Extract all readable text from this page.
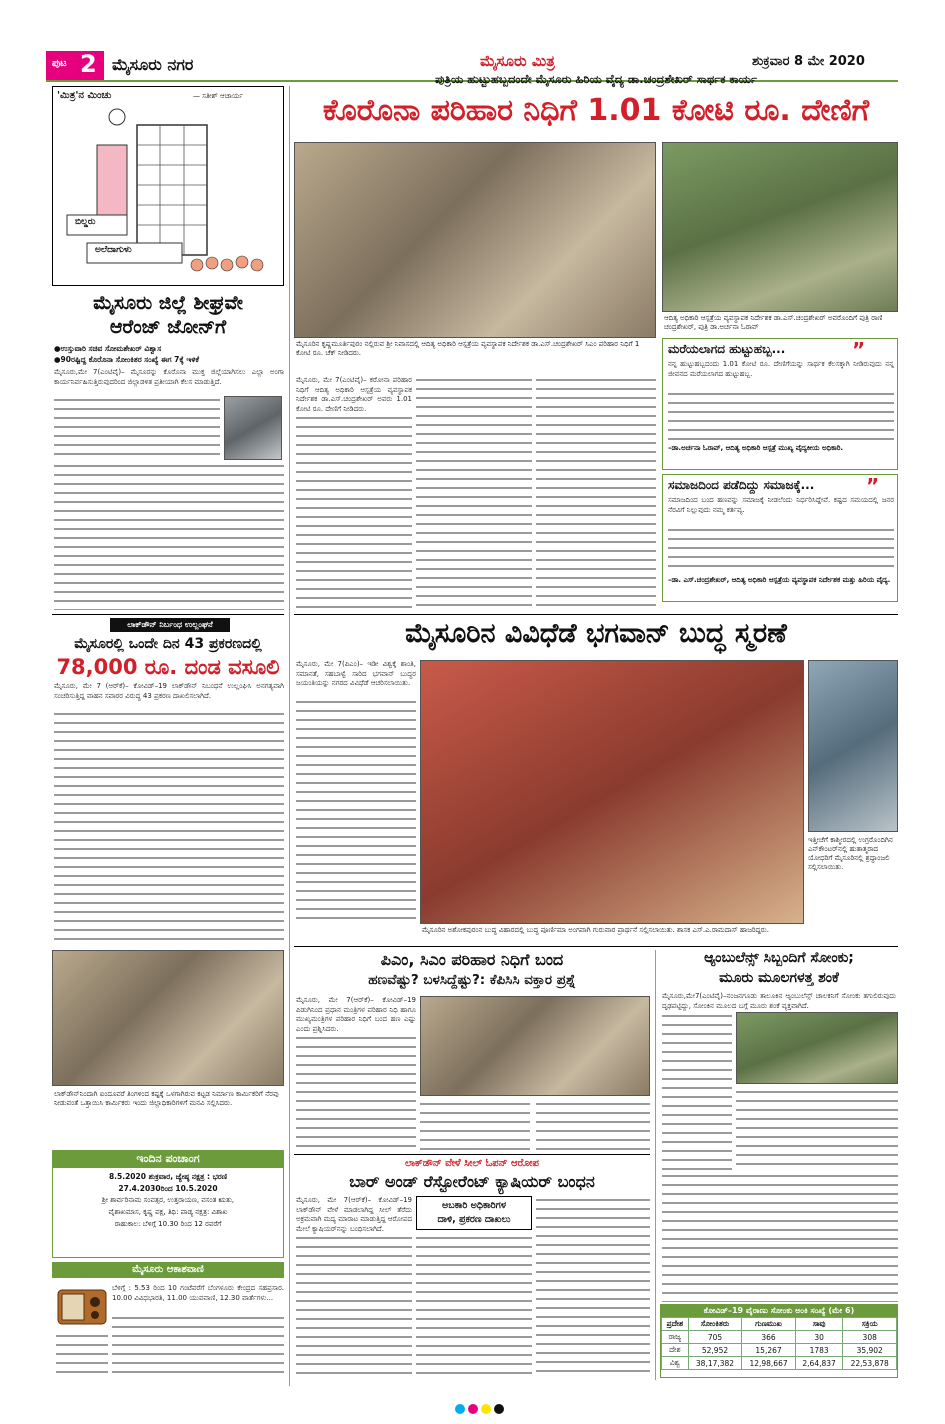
ಪುಟ 2 ಮೈಸೂರು ನಗರ	ಮೈಸೂರು ಮಿತ್ರ	ಶುಕ್ರವಾರ 8 ಮೇ 2020
'ಮಿತ್ರ'ನ ಮಿಂಚು	— ಸತೀಶ್ ಆಚಾರ್ಯ
ಬಿಲ್ಡರು
ಅಲೆದಾಗುಳು
ಮೈಸೂರು ಜಿಲ್ಲೆ ಶೀಘ್ರವೇ
ಆರೆಂಜ್ ಜೋನ್‌ಗೆ
●ಉಸ್ತುವಾರಿ ಸಚಿವ ಸೋಮಶೇಖರ್ ವಿಶ್ವಾಸ
●90ರಷ್ಟಿದ್ದ ಕೊರೊನಾ ಸೋಂಕಿತರ ಸಂಖ್ಯೆ ಈಗ 7ಕ್ಕೆ ಇಳಿಕೆ
ಮೈಸೂರು,ಮೇ 7(ಎಂಟಿವೈ)– ಮೈಸೂರನ್ನು ಕೊರೊನಾ ಮುಕ್ತ ಜಿಲ್ಲೆಯಾಗಿಸಲು ಎಲ್ಲಾ ಅಂಗಾ ಕಾರ್ಯನಿರ್ವಹಿಸುತ್ತಿರುವುದರಿಂದ ಜಿಲ್ಲಾಡಳಿತ ಪ್ರತೀಯಾಗಿ ಕೆಲಸ ಮಾಡುತ್ತಿದೆ.
ಲಾಕ್‌ಡೌನ್ ನಿರ್ಬಂಧ ಉಲ್ಲಂಘನೆ
ಮೈಸೂರಲ್ಲಿ ಒಂದೇ ದಿನ 43 ಪ್ರಕರಣದಲ್ಲಿ
78,000 ರೂ. ದಂಡ ವಸೂಲಿ
ಮೈಸೂರು, ಮೇ 7 (ಆರ್‌ಕೆ)– ಕೋವಿಡ್–19 ಲಾಕ್‌ಡೌನ್ ನಿಬಂಧನೆ ಉಲ್ಲಂಘಿಸಿ ಅನಗತ್ಯವಾಗಿ ಸಂಚರಿಸುತ್ತಿದ್ದ ವಾಹನ ಸವಾರರ ವಿರುದ್ಧ 43 ಪ್ರಕರಣ ದಾಖಲಿಸಲಾಗಿದೆ.
ಲಾಕ್‌ಡೌನ್‌ನಿಂದಾಗಿ ಐಂದೂವರೆ ತಿಂಗಳಿಂದ ಕಷ್ಟಕ್ಕೆ ಒಳಗಾಗಿರುವ ಕಟ್ಟಡ ನಿರ್ಮಾಣ ಕಾರ್ಮಿಕರಿಗೆ ನೆರವು ನೀಡುವಂತೆ ಒತ್ತಾಯಿಸಿ ಕಾರ್ಮಿಕರು ಇಂದು ಜಿಲ್ಲಾಧಿಕಾರಿಗಳಿಗೆ ಮನವಿ ಸಲ್ಲಿಸಿದರು.
ಇಂದಿನ ಪಂಚಾಂಗ
8.5.2020 ಶುಕ್ರವಾರ, ಜ್ಯೇಷ್ಠ ನಕ್ಷತ್ರ : ಭರಣಿ
27.4.2030ರಿಂದ 10.5.2020
ಶ್ರೀ ಶಾರ್ವರಿನಾಮ ಸಂವತ್ಸರ, ಉತ್ತರಾಯಣ, ವಸಂತ ಋತು,
ವೈಶಾಖಮಾಸ, ಕೃಷ್ಣ ಪಕ್ಷ, ತಿಥಿ: ಪಾಡ್ಯ ನಕ್ಷತ್ರ: ವಿಶಾಖ
ರಾಹುಕಾಲ: ಬೆಳಿಗ್ಗೆ 10.30 ರಿಂದ 12 ರವರೆಗೆ
ಮೈಸೂರು ಆಕಾಶವಾಣಿ
ಬೆಳಿಗ್ಗೆ : 5.53 ರಿಂದ 10 ಗಂಟೆವರೆಗೆ ಬೆಂಗಳೂರು ಕೇಂದ್ರದ ಸಹಪ್ರಸಾರ. 10.00 ವಿವಿಧಭಾರತಿ, 11.00 ಯುವವಾಣಿ, 12.30 ವಾರ್ತೆಗಳು...
ಪುತ್ರಿಯ ಹುಟ್ಟುಹಬ್ಬದಂದೇ ಮೈಸೂರು ಹಿರಿಯ ವೈದ್ಯ ಡಾ.ಚಂದ್ರಶೇಖರ್ ಸಾರ್ಥಕ ಕಾರ್ಯ
ಕೊರೊನಾ ಪರಿಹಾರ ನಿಧಿಗೆ 1.01 ಕೋಟಿ ರೂ. ದೇಣಿಗೆ
ಮೈಸೂರಿನ ಕೃಷ್ಣಮೂರ್ತಿಪುರಂ ನಲ್ಲಿರುವ ಶ್ರೀ ನಿವಾಸದಲ್ಲಿ ಆದಿತ್ಯ ಅಧಿಕಾರಿ ಆಸ್ಪತ್ರೆಯ ವ್ಯವಸ್ಥಾಪಕ ನಿರ್ದೇಶಕ ಡಾ.ಎಸ್.ಚಂದ್ರಶೇಖರ್ ಸಿಎಂ ಪರಿಹಾರ ನಿಧಿಗೆ 1 ಕೋಟಿ ರೂ. ಚೆಕ್ ನೀಡಿದರು.
ಆದಿತ್ಯ ಅಧಿಕಾರಿ ಆಸ್ಪತ್ರೆಯ ವ್ಯವಸ್ಥಾಪಕ ನಿರ್ದೇಶಕ ಡಾ.ಎಸ್.ಚಂದ್ರಶೇಖರ್ ಅವರೊಂದಿಗೆ ಪುತ್ರಿ ರಾಣಿ ಚಂದ್ರಶೇಖರ್, ಪುತ್ರಿ ಡಾ.ಅರ್ಚನಾ ಓರಾವ್
ಮೈಸೂರು, ಮೇ 7(ಎಂಟಿವೈ)– ಕರೋನಾ ಪರಿಹಾರ ನಿಧಿಗೆ ಆದಿತ್ಯ ಅಧಿಕಾರಿ ಆಸ್ಪತ್ರೆಯ ವ್ಯವಸ್ಥಾಪಕ ನಿರ್ದೇಶಕ ಡಾ.ಎಸ್.ಚಂದ್ರಶೇಖರ್ ಅವರು 1.01 ಕೋಟಿ ರೂ. ದೇಣಿಗೆ ನೀಡಿದರು.
ಮರೆಯಲಾಗದ ಹುಟ್ಟುಹಬ್ಬ...	”
ನನ್ನ ಹುಟ್ಟುಹಬ್ಬದಂದು 1.01 ಕೋಟಿ ರೂ. ದೇಣಿಗೆಯನ್ನು ಸಾರ್ಥಕ ಕೆಲಸಕ್ಕಾಗಿ ನೀಡಿರುವುದು ನನ್ನ ಜೀವನದ ಮರೆಯಲಾಗದ ಹುಟ್ಟುಹಬ್ಬ.
–ಡಾ.ಅರ್ಚನಾ ಓರಾವ್, ಆದಿತ್ಯ ಅಧಿಕಾರಿ ಆಸ್ಪತ್ರೆ ಮುಖ್ಯ ವೈದ್ಯಕೀಯ ಅಧಿಕಾರಿ.
ಸಮಾಜದಿಂದ ಪಡೆದಿದ್ದು ಸಮಾಜಕ್ಕೆ...	”
ಸಮಾಜದಿಂದ ಬಂದ ಹಣವನ್ನು ಸಮಾಜಕ್ಕೆ ನೀಡಲೆಂದು ನಿರ್ಧರಿಸಿದ್ದೇವೆ. ಕಷ್ಟದ ಸಮಯದಲ್ಲಿ ಜನರ ನೆರವಿಗೆ ನಿಲ್ಲುವುದು ನಮ್ಮ ಕರ್ತವ್ಯ.
–ಡಾ. ಎಸ್.ಚಂದ್ರಶೇಖರ್, ಆದಿತ್ಯ ಅಧಿಕಾರಿ ಆಸ್ಪತ್ರೆಯ ವ್ಯವಸ್ಥಾಪಕ ನಿರ್ದೇಶಕ ಮತ್ತು ಹಿರಿಯ ವೈದ್ಯ.
ಮೈಸೂರಿನ ವಿವಿಧೆಡೆ ಭಗವಾನ್ ಬುದ್ಧ ಸ್ಮರಣೆ
ಮೈಸೂರು, ಮೇ 7(ಪಿಎಂ)– ಇಡೀ ವಿಶ್ವಕ್ಕೆ ಶಾಂತಿ, ಸಮಾನತೆ, ಸಹಬಾಳ್ವೆ ಸಾರಿದ ಭಗವಾನ್ ಬುದ್ಧರ ಜಯಂತಿಯನ್ನು ನಗರದ ವಿವಿಧೆಡೆ ಆಚರಿಸಲಾಯಿತು.
ಮೈಸೂರಿನ ಅಶೋಕಪುರಂನ ಬುದ್ಧ ವಿಹಾರದಲ್ಲಿ ಬುದ್ಧ ಪೂರ್ಣಿಮಾ ಅಂಗವಾಗಿ ಗುರುವಾರ ಪ್ರಾರ್ಥನೆ ಸಲ್ಲಿಸಲಾಯಿತು. ಶಾಸಕ ಎಸ್.ಎ.ರಾಮದಾಸ್ ಹಾಜರಿದ್ದರು.
ಇತ್ತೀಚೆಗೆ ಕಾಶ್ಮೀರದಲ್ಲಿ ಉಗ್ರರೊಂದಿಗಿನ ಎನ್‌ಕೌಂಟರ್‌ನಲ್ಲಿ ಹುತಾತ್ಮರಾದ ಯೋಧರಿಗೆ ಮೈಸೂರಿನಲ್ಲಿ ಶ್ರದ್ಧಾಂಜಲಿ ಸಲ್ಲಿಸಲಾಯಿತು.
ಪಿಎಂ, ಸಿಎಂ ಪರಿಹಾರ ನಿಧಿಗೆ ಬಂದ
ಹಣವೆಷ್ಟು? ಬಳಸಿದ್ದೆಷ್ಟು?: ಕೆಪಿಸಿಸಿ ವಕ್ತಾರ ಪ್ರಶ್ನೆ
ಮೈಸೂರು, ಮೇ 7(ಆರ್‌ಕೆ)– ಕೋವಿಡ್–19 ಪಿಡುಗಿನಿಂದ ಪ್ರಧಾನ ಮಂತ್ರಿಗಳ ಪರಿಹಾರ ನಿಧಿ ಹಾಗೂ ಮುಖ್ಯಮಂತ್ರಿಗಳ ಪರಿಹಾರ ನಿಧಿಗೆ ಬಂದ ಹಣ ಎಷ್ಟು ಎಂದು ಪ್ರಶ್ನಿಸಿದರು.
ಲಾಕ್‌ಡೌನ್ ವೇಳೆ ಸೀಲ್ ಓಪನ್ ಆರೋಪ
ಬಾರ್ ಅಂಡ್ ರೆಸ್ಟೋರೆಂಟ್ ಕ್ಯಾಷಿಯರ್ ಬಂಧನ
ಮೈಸೂರು, ಮೇ 7(ಆರ್‌ಕೆ)– ಕೋವಿಡ್–19 ಲಾಕ್‌ಡೌನ್ ವೇಳೆ ಮಾಡಲಾಗಿದ್ದ ಸೀಲ್ ತೆರೆದು ಅಕ್ರಮವಾಗಿ ಮದ್ಯ ಮಾರಾಟ ಮಾಡುತ್ತಿದ್ದ ಆರೋಪದ ಮೇಲೆ ಕ್ಯಾಷಿಯರ್‌ನನ್ನು ಬಂಧಿಸಲಾಗಿದೆ.
ಅಬಕಾರಿ ಅಧಿಕಾರಿಗಳ
ದಾಳಿ, ಪ್ರಕರಣ ದಾಖಲು
ಆ್ಯಂಬುಲೆನ್ಸ್ ಸಿಬ್ಬಂದಿಗೆ ಸೋಂಕು;
ಮೂರು ಮೂಲಗಳತ್ತ ಶಂಕೆ
ಮೈಸೂರು,ಮೇ7(ಎಂಟಿವೈ)–ನಂಜನಗೂಡು ತಾಲೂಕಿನ ಆ್ಯಂಬುಲೆನ್ಸ್ ಚಾಲಕನಿಗೆ ಸೋಂಕು ತಗುಲಿರುವುದು ದೃಢಪಟ್ಟಿದ್ದು, ಸೋಂಕಿನ ಮೂಲದ ಬಗ್ಗೆ ಮೂರು ಶಂಕೆ ವ್ಯಕ್ತವಾಗಿದೆ.
ಕೋವಿಡ್–19 ವೈರಾಣು ಸೋಂಕು ಅಂಕಿ ಸಂಖ್ಯೆ (ಮೇ 6)
ಪ್ರದೇಶ	ಸೋಂಕಿತರು	ಗುಣಮುಖ	ಸಾವು	ಸಕ್ರಿಯ
ರಾಜ್ಯ	705	366	30	308
ದೇಶ	52,952	15,267	1783	35,902
ವಿಶ್ವ	38,17,382	12,98,667	2,64,837	22,53,878
